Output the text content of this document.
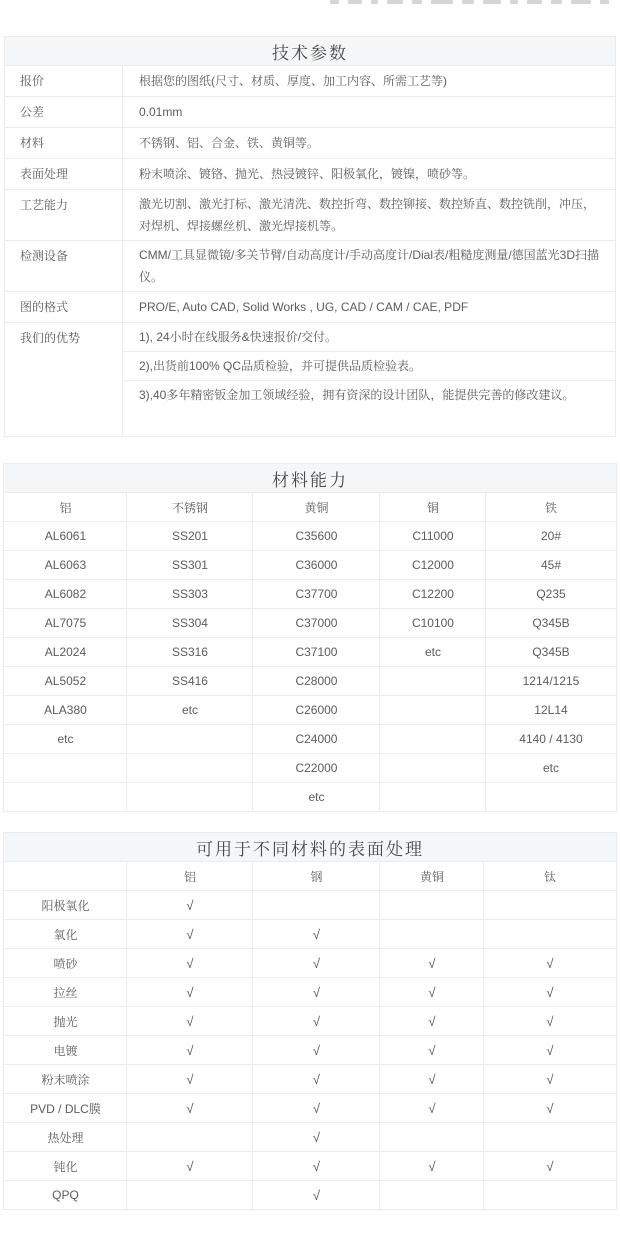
技术参数	
报价	根据您的图纸(尺寸、材质、厚度、加工内容、所需工艺等)
公差	0.01mm
材料	不锈钢、铝、合金、铁、黄铜等。
表面处理	粉末喷涂、镀铬、抛光、热浸镀锌、阳极氧化，镀镍，喷砂等。
工艺能力	激光切割、激光打标、激光清洗、数控折弯、数控铆接、数控矫直、数控铣削，冲压，对焊机、焊接螺丝机、激光焊接机等。
检测设备	CMM/工具显微镜/多关节臂/自动高度计/手动高度计/Dial表/粗糙度测量/德国蓝光3D扫描仪。
图的格式	PRO/E, Auto CAD, Solid Works , UG, CAD / CAM / CAE, PDF
我们的优势	1), 24小时在线服务&快速报价/交付。
	2),出货前100% QC品质检验，并可提供品质检验表。
	3),40多年精密钣金加工领域经验，拥有资深的设计团队，能提供完善的修改建议。
材料能力				
铝	不锈钢	黄铜	铜	铁
AL6061	SS201	C35600	C11000	20#
AL6063	SS301	C36000	C12000	45#
AL6082	SS303	C37700	C12200	Q235
AL7075	SS304	C37000	C10100	Q345B
AL2024	SS316	C37100	etc	Q345B
AL5052	SS416	C28000		1214/1215
ALA380	etc	C26000		12L14
etc		C24000		4140 / 4130
		C22000		etc
		etc		
可用于不同材料的表面处理				
	铝	钢	黄铜	钛
阳极氧化	√			
氧化	√	√		
喷砂	√	√	√	√
拉丝	√	√	√	√
抛光	√	√	√	√
电镀	√	√	√	√
粉末喷涂	√	√	√	√
PVD / DLC膜	√	√	√	√
热处理		√		
钝化	√	√	√	√
QPQ		√		
